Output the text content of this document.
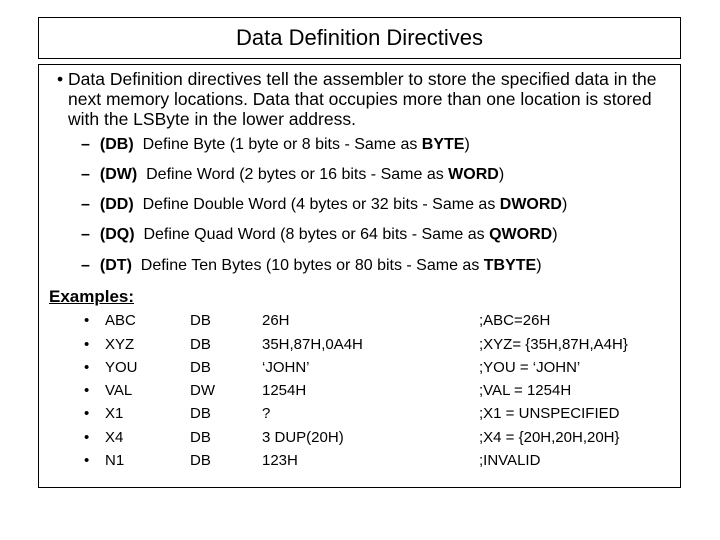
Data Definition Directives
• Data Definition directives tell the assembler to store the specified data in the next memory locations. Data that occupies more than one location is stored with the LSByte in the lower address.
– (DB) Define Byte (1 byte or 8 bits - Same as BYTE)
– (DW) Define Word (2 bytes or 16 bits - Same as WORD)
– (DD) Define Double Word (4 bytes or 32 bits - Same as DWORD)
– (DQ) Define Quad Word (8 bytes or 64 bits - Same as QWORD)
– (DT) Define Ten Bytes (10 bytes or 80 bits - Same as TBYTE)
Examples:
• ABC	DB	26H	;ABC=26H
• XYZ	DB	35H,87H,0A4H	;XYZ= {35H,87H,A4H}
• YOU	DB	‘JOHN’	;YOU = ‘JOHN’
• VAL	DW	1254H	;VAL = 1254H
• X1	DB	?	;X1 = UNSPECIFIED
• X4	DB	3 DUP(20H)	;X4 = {20H,20H,20H}
• N1	DB	123H	;INVALID
